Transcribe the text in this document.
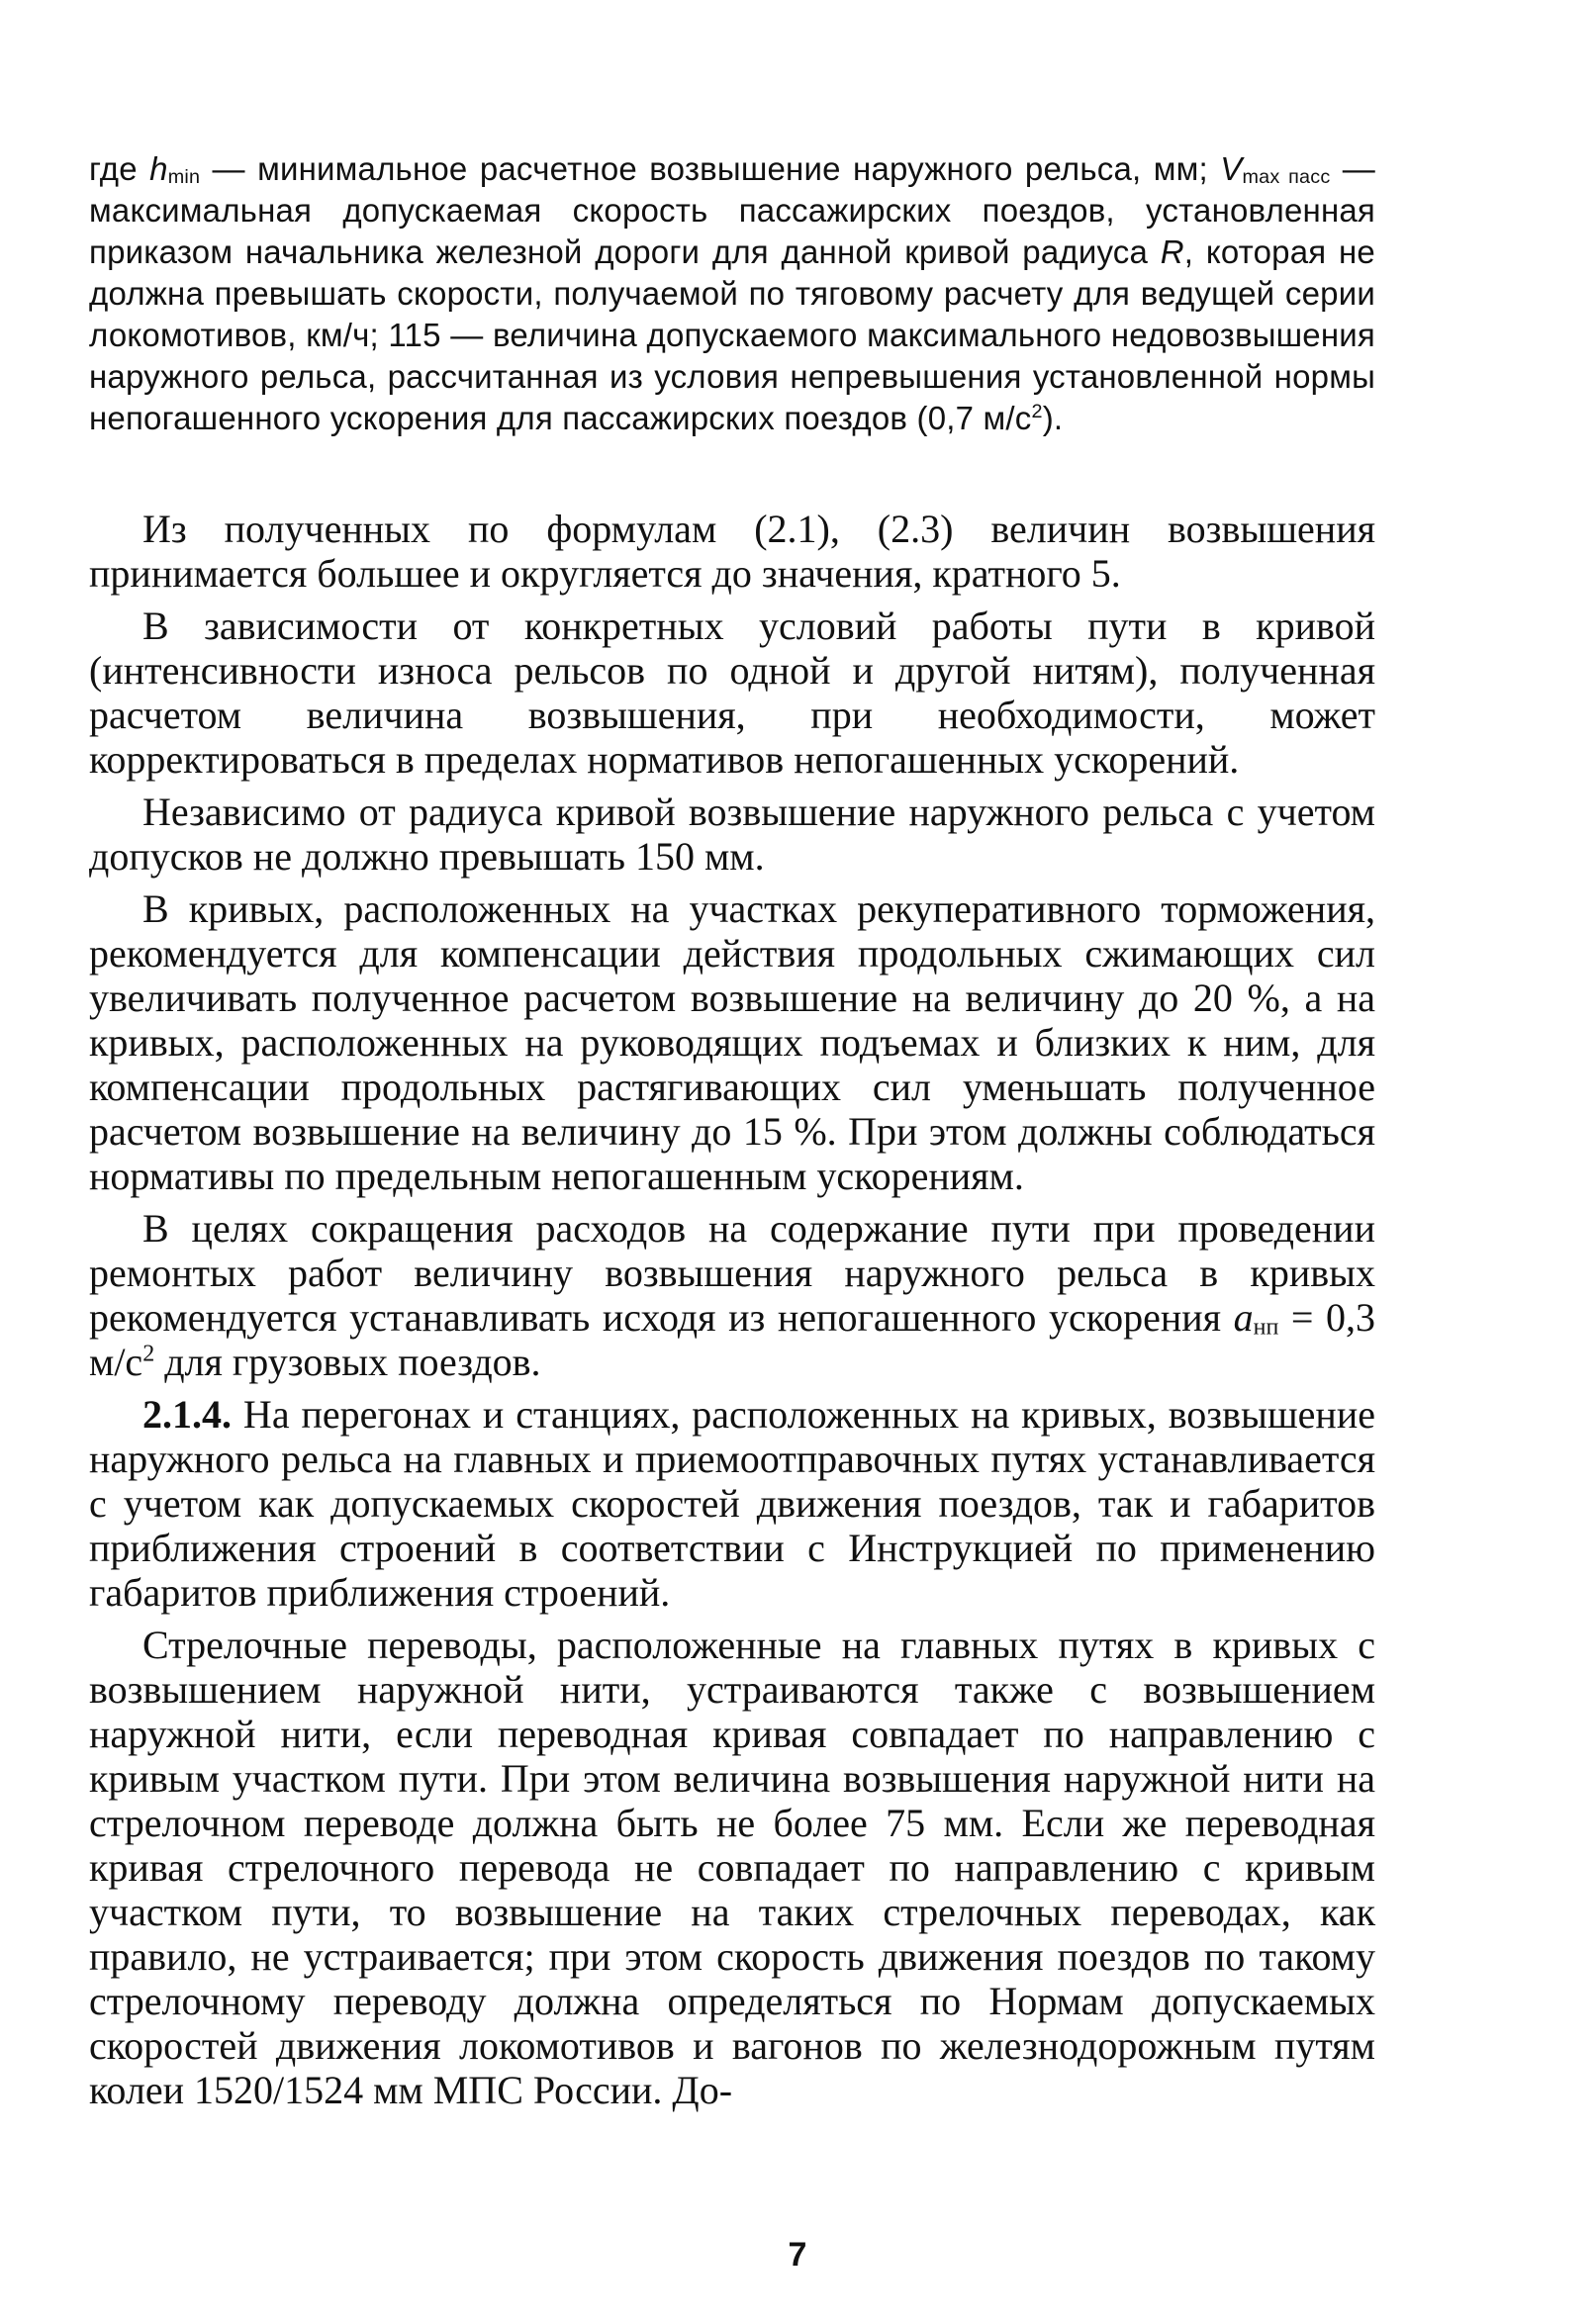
где $h_{min}$ — минимальное расчетное возвышение наружного рельса, мм; $V_{max пасс}$ — максимальная допускаемая скорость пассажирских поездов, установленная приказом начальника железной дороги для данной кривой радиуса R, которая не должна превышать скорости, получаемой по тяговому расчету для ведущей серии локомотивов, км/ч; 115 — величина допускаемого максимального недовозвышения наружного рельса, рассчитанная из условия непревышения установленной нормы непогашенного ускорения для пассажирских поездов (0,7 $м/с^2$).

Из полученных по формулам (2.1), (2.3) величин возвышения принимается большее и округляется до значения, кратного 5.

В зависимости от конкретных условий работы пути в кривой (интенсивности износа рельсов по одной и другой нитям), полученная расчетом величина возвышения, при необходимости, может корректироваться в пределах нормативов непогашенных ускорений.

Независимо от радиуса кривой возвышение наружного рельса с учетом допусков не должно превышать 150 мм.

В кривых, расположенных на участках рекуперативного торможения, рекомендуется для компенсации действия продольных сжимающих сил увеличивать полученное расчетом возвышение на величину до 20 %, а на кривых, расположенных на руководящих подъемах и близких к ним, для компенсации продольных растягивающих сил уменьшать полученное расчетом возвышение на величину до 15 %. При этом должны соблюдаться нормативы по предельным непогашенным ускорениям.

В целях сокращения расходов на содержание пути при проведении ремонтых работ величину возвышения наружного рельса в кривых рекомендуется устанавливать исходя из непогашенного ускорения $a_{нп} = 0,3$ $м/с^2$ для грузовых поездов.

2.1.4. На перегонах и станциях, расположенных на кривых, возвышение наружного рельса на главных и приемоотправочных путях устанавливается с учетом как допускаемых скоростей движения поездов, так и габаритов приближения строений в соответствии с Инструкцией по применению габаритов приближения строений.

Стрелочные переводы, расположенные на главных путях в кривых с возвышением наружной нити, устраиваются также с возвышением наружной нити, если переводная кривая совпадает по направлению с кривым участком пути. При этом величина возвышения наружной нити на стрелочном переводе должна быть не более 75 мм. Если же переводная кривая стрелочного перевода не совпадает по направлению с кривым участком пути, то возвышение на таких стрелочных переводах, как правило, не устраивается; при этом скорость движения поездов по такому стрелочному переводу должна определяться по Нормам допускаемых скоростей движения локомотивов и вагонов по железнодорожным путям колеи 1520/1524 мм МПС России. До-

7
